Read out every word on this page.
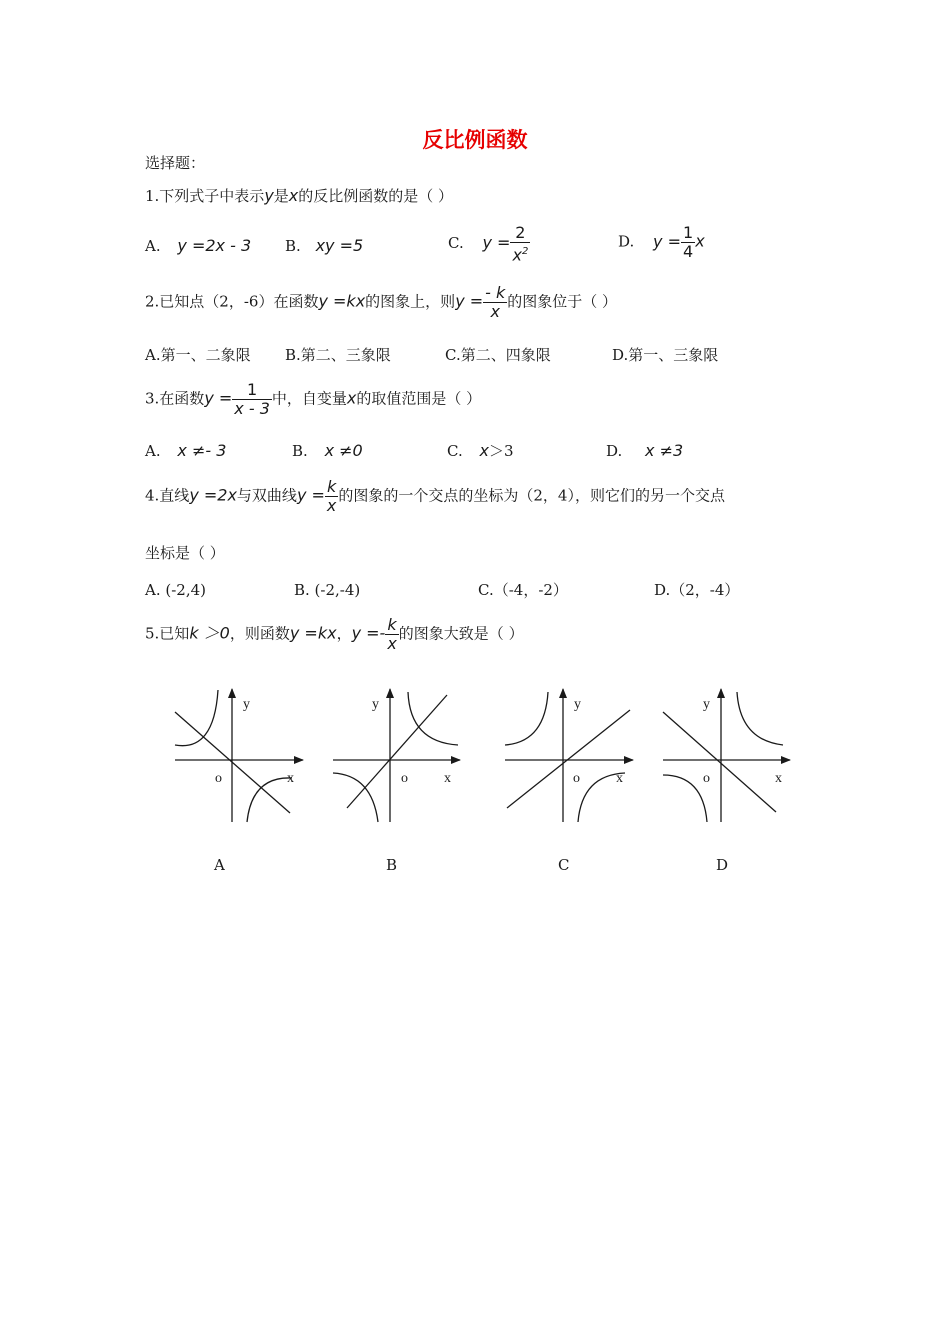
反比例函数
选择题：
1.下列式子中表示y是x的反比例函数的是（ ）
A. y =2x - 3 B. xy =5	C. $y = \frac{2}{x^2}$	D. $y = \frac{1}{4}$ x
2.已知点（2，-6）在函数y =kx的图象上，则$y = \frac{- k}{x}$ 的图象位于（ ）
A.第一、二象限 B.第二、三象限	C.第二、四象限	D.第一、三象限
3.在函数$y = \frac{1}{x - 3}$ 中，自变量x的取值范围是（ ）
A. x ≠- 3	B. x ≠0	C. x＞3	D. x ≠3
4.直线y =2x与双曲线$y = \frac{k}{x}$ 的图象的一个交点的坐标为（2，4），则它们的另一个交点
坐标是（ ）
A. (-2,4)	B. (-2,-4)	C.（-4，-2）	D.（2，-4）
5.已知k ＞0，则函数y =kx，$y =- \frac{k}{x}$ 的图象大致是（ ）
y
o	x
y
o	x
y
o	x
y
o	x
A	B	C	D
